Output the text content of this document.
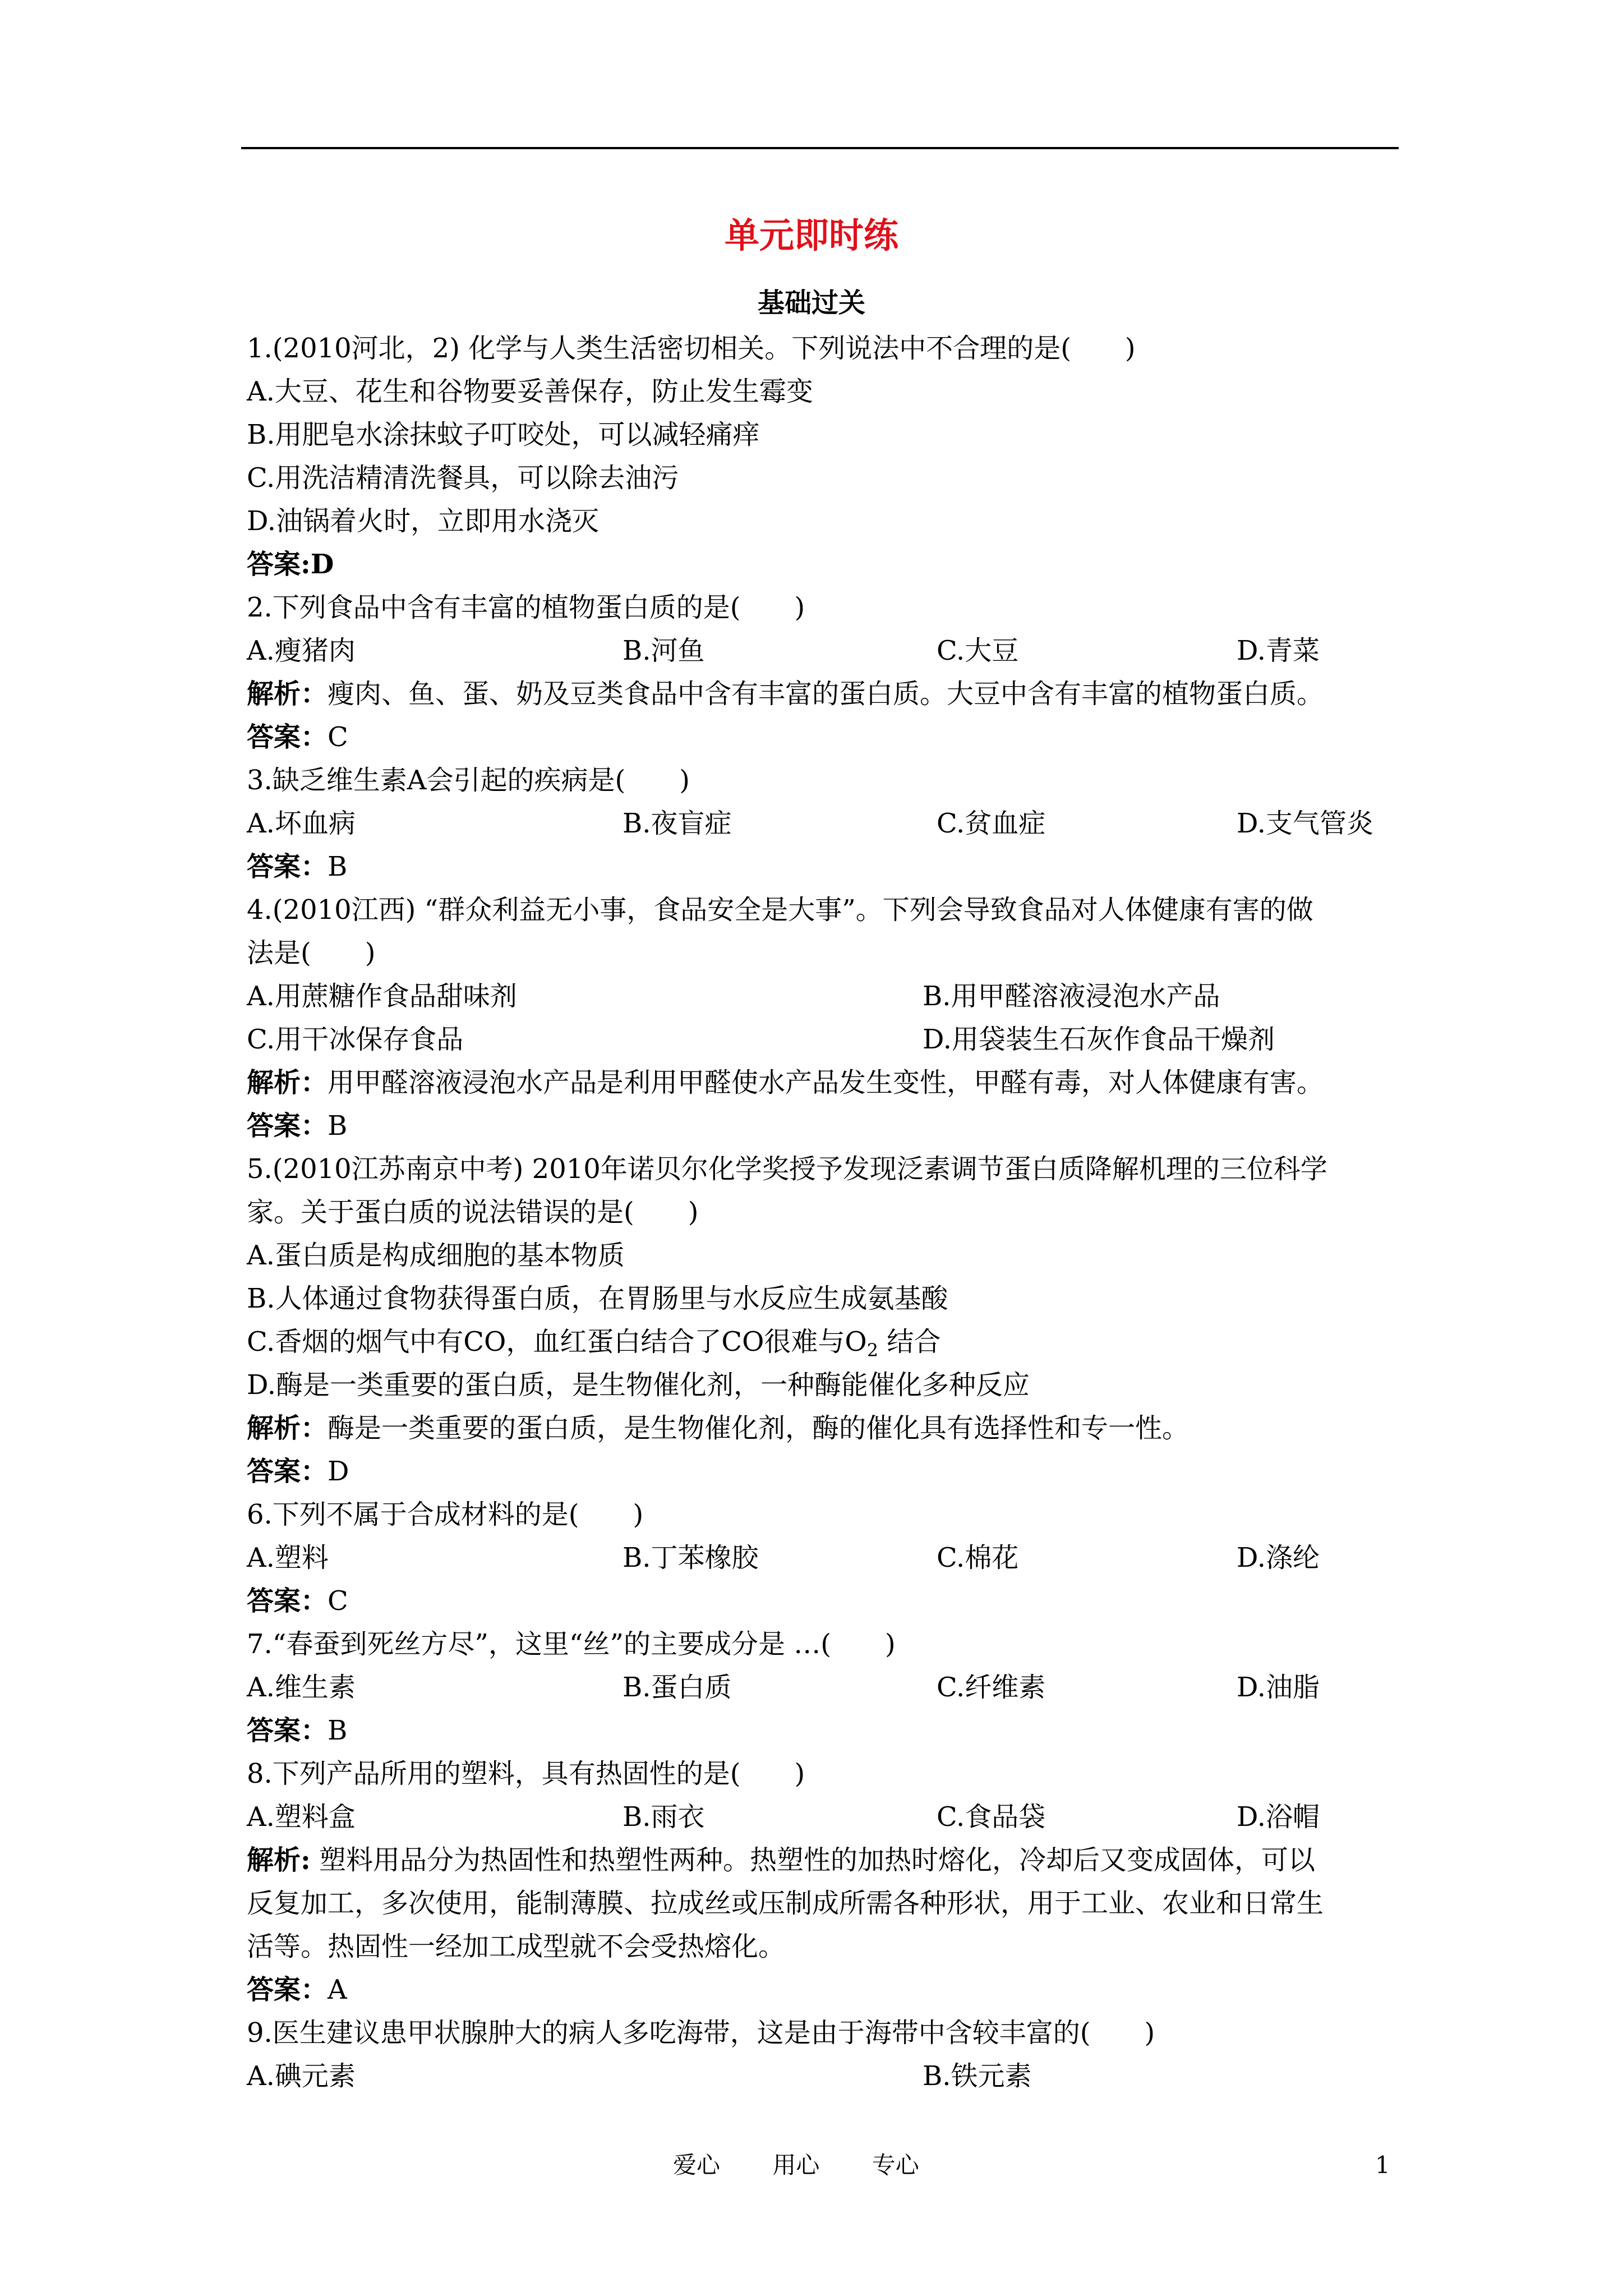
单元即时练
基础过关
1.(2010河北，2) 化学与人类生活密切相关。下列说法中不合理的是(　　)
A.大豆、花生和谷物要妥善保存，防止发生霉变
B.用肥皂水涂抹蚊子叮咬处，可以减轻痛痒
C.用洗洁精清洗餐具，可以除去油污
D.油锅着火时，立即用水浇灭
答案:D
2.下列食品中含有丰富的植物蛋白质的是(　　)
A.瘦猪肉	B.河鱼	C.大豆	D.青菜
解析：瘦肉、鱼、蛋、奶及豆类食品中含有丰富的蛋白质。大豆中含有丰富的植物蛋白质。
答案：C
3.缺乏维生素A会引起的疾病是(　　)
A.坏血病	B.夜盲症	C.贫血症	D.支气管炎
答案：B
4.(2010江西) “群众利益无小事，食品安全是大事”。下列会导致食品对人体健康有害的做
法是(　　)
A.用蔗糖作食品甜味剂	B.用甲醛溶液浸泡水产品
C.用干冰保存食品	D.用袋装生石灰作食品干燥剂
解析：用甲醛溶液浸泡水产品是利用甲醛使水产品发生变性，甲醛有毒，对人体健康有害。
答案：B
5.(2010江苏南京中考) 2010年诺贝尔化学奖授予发现泛素调节蛋白质降解机理的三位科学
家。关于蛋白质的说法错误的是(　　)
A.蛋白质是构成细胞的基本物质
B.人体通过食物获得蛋白质，在胃肠里与水反应生成氨基酸
C.香烟的烟气中有CO，血红蛋白结合了CO很难与$O_2$ 结合
D.酶是一类重要的蛋白质，是生物催化剂，一种酶能催化多种反应
解析：酶是一类重要的蛋白质，是生物催化剂，酶的催化具有选择性和专一性。
答案：D
6.下列不属于合成材料的是(　　)
A.塑料	B.丁苯橡胶	C.棉花	D.涤纶
答案：C
7.“春蚕到死丝方尽”，这里“丝”的主要成分是 …(　　)
A.维生素	B.蛋白质	C.纤维素	D.油脂
答案：B
8.下列产品所用的塑料，具有热固性的是(　　)
A.塑料盒	B.雨衣	C.食品袋	D.浴帽
解析: 塑料用品分为热固性和热塑性两种。热塑性的加热时熔化，冷却后又变成固体，可以
反复加工，多次使用，能制薄膜、拉成丝或压制成所需各种形状，用于工业、农业和日常生
活等。热固性一经加工成型就不会受热熔化。
答案：A
9.医生建议患甲状腺肿大的病人多吃海带，这是由于海带中含较丰富的(　　)
A.碘元素	B.铁元素
爱心 用心 专心	1
